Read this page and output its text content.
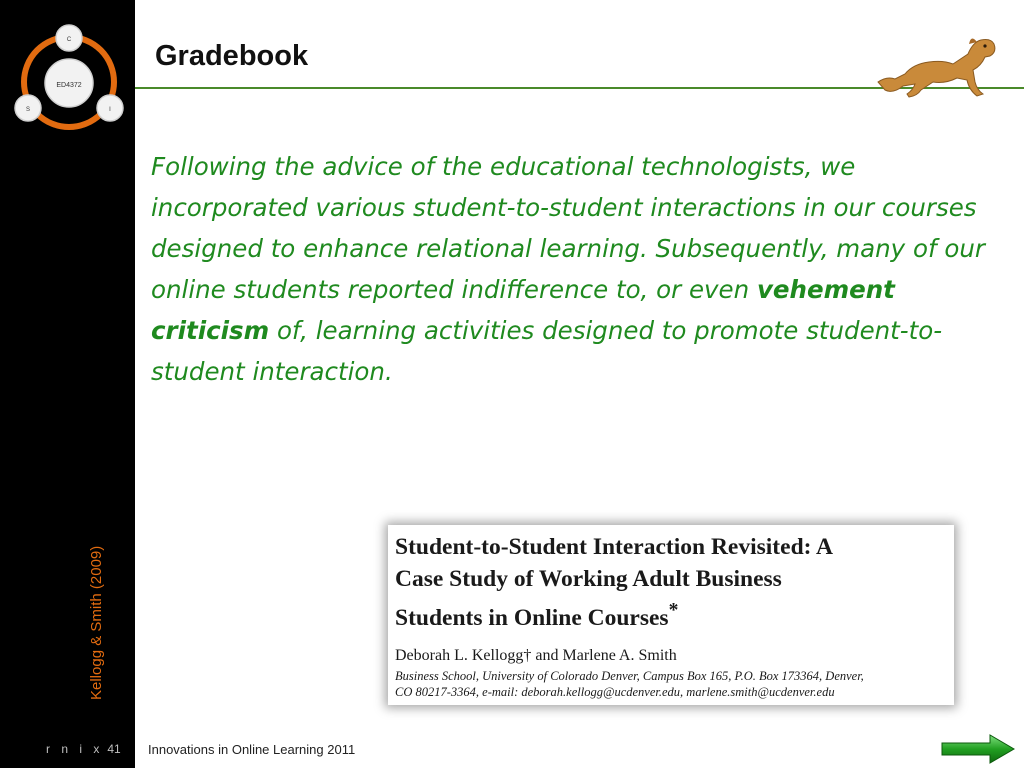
ED4372
C
S	I
Kellogg & Smith (2009)
r n i x 41
Gradebook
Following the advice of the educational technologists, we incorporated various student-to-student interactions in our courses designed to enhance relational learning. Subsequently, many of our online students reported indifference to, or even vehement criticism of, learning activities designed to promote student-to-student interaction.
Student-to-Student Interaction Revisited: A
Case Study of Working Adult Business
Students in Online Courses*
Deborah L. Kellogg† and Marlene A. Smith
Business School, University of Colorado Denver, Campus Box 165, P.O. Box 173364, Denver,
CO 80217-3364, e-mail: deborah.kellogg@ucdenver.edu, marlene.smith@ucdenver.edu
Innovations in Online Learning 2011
